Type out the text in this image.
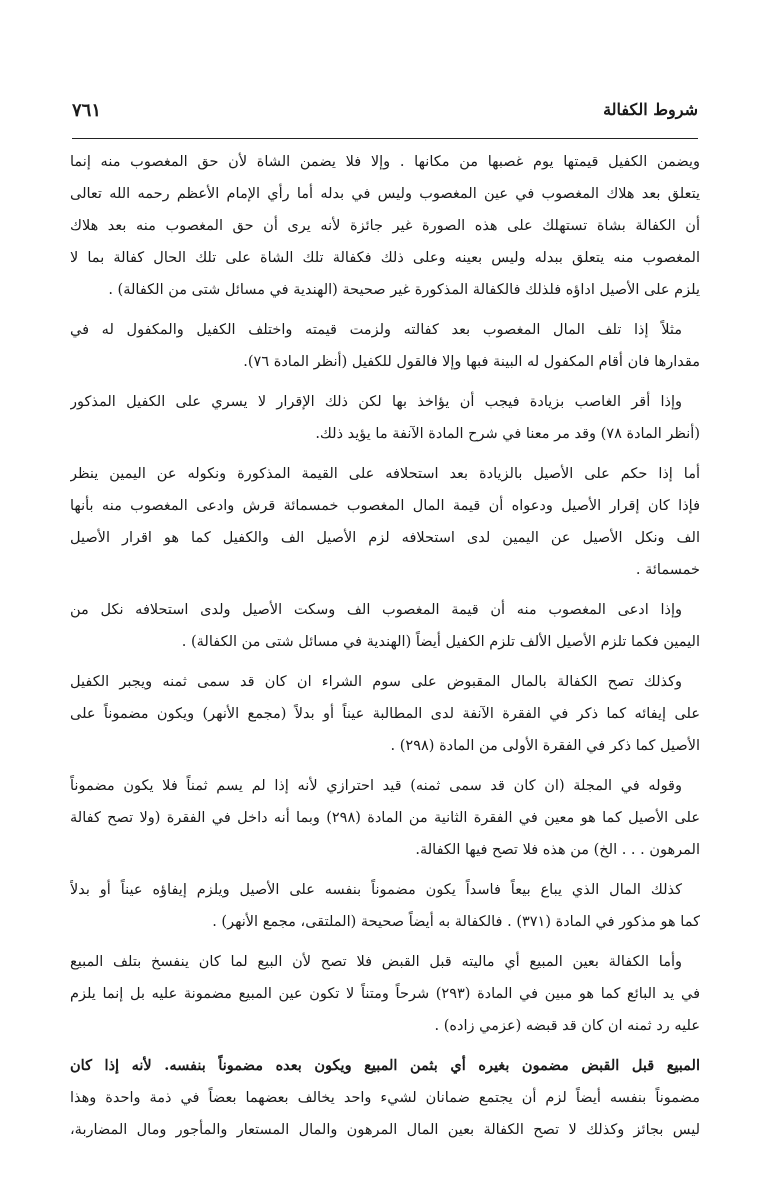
٧٦١	شروط الكفالة
ويضمن الكفيل قيمتها يوم غصبها من مكانها . وإلا فلا يضمن الشاة لأن حق المغصوب منه إنما
يتعلق بعد هلاك المغصوب في عين المغصوب وليس في بدله أما رأي الإمام الأعظم رحمه الله تعالى
أن الكفالة بشاة تستهلك على هذه الصورة غير جائزة لأنه يرى أن حق المغصوب منه بعد هلاك
المغصوب منه يتعلق ببدله وليس بعينه وعلى ذلك فكفالة تلك الشاة على تلك الحال كفالة بما لا
يلزم على الأصيل اداؤه فلذلك فالكفالة المذكورة غير صحيحة (الهندية في مسائل شتى من الكفالة) .
مثلاً إذا تلف المال المغصوب بعد كفالته ولزمت قيمته واختلف الكفيل والمكفول له في
مقدارها فان أقام المكفول له البينة فبها وإلا فالقول للكفيل (أنظر المادة ٧٦).
وإذا أقر الغاصب بزيادة فيجب أن يؤاخذ بها لكن ذلك الإقرار لا يسري على الكفيل المذكور
(أنظر المادة ٧٨) وقد مر معنا في شرح المادة الآنفة ما يؤيد ذلك.
أما إذا حكم على الأصيل بالزيادة بعد استحلافه على القيمة المذكورة ونكوله عن اليمين ينظر
فإذا كان إقرار الأصيل ودعواه أن قيمة المال المغصوب خمسمائة قرش وادعى المغصوب منه بأنها
الف ونكل الأصيل عن اليمين لدى استحلافه لزم الأصيل الف والكفيل كما هو اقرار الأصيل
خمسمائة .
وإذا ادعى المغصوب منه أن قيمة المغصوب الف وسكت الأصيل ولدى استحلافه نكل من
اليمين فكما تلزم الأصيل الألف تلزم الكفيل أيضاً (الهندية في مسائل شتى من الكفالة) .
وكذلك تصح الكفالة بالمال المقبوض على سوم الشراء ان كان قد سمى ثمنه ويجبر الكفيل
على إيفائه كما ذكر في الفقرة الآنفة لدى المطالبة عيناً أو بدلاً (مجمع الأنهر) ويكون مضموناً على
الأصيل كما ذكر في الفقرة الأولى من المادة (٢٩٨) .
وقوله في المجلة (ان كان قد سمى ثمنه) قيد احترازي لأنه إذا لم يسم ثمناً فلا يكون مضموناً
على الأصيل كما هو معين في الفقرة الثانية من المادة (٢٩٨) وبما أنه داخل في الفقرة (ولا تصح كفالة
المرهون . . . الخ) من هذه فلا تصح فيها الكفالة.
كذلك المال الذي يباع بيعاً فاسداً يكون مضموناً بنفسه على الأصيل ويلزم إيفاؤه عيناً أو بدلاً
كما هو مذكور في المادة (٣٧١) . فالكفالة به أيضاً صحيحة (الملتقى، مجمع الأنهر) .
وأما الكفالة بعين المبيع أي ماليته قبل القبض فلا تصح لأن البيع لما كان ينفسخ بتلف المبيع
في يد البائع كما هو مبين في المادة (٢٩٣) شرحاً ومتناً لا تكون عين المبيع مضمونة عليه بل إنما يلزم
عليه رد ثمنه ان كان قد قبضه (عزمي زاده) .
المبيع قبل القبض مضمون بغيره أي بثمن المبيع ويكون بعده مضموناً بنفسه. لأنه إذا كان
مضموناً بنفسه أيضاً لزم أن يجتمع ضمانان لشيء واحد يخالف بعضهما بعضاً في ذمة واحدة وهذا
ليس بجائز وكذلك لا تصح الكفالة بعين المال المرهون والمال المستعار والمأجور ومال المضاربة،
